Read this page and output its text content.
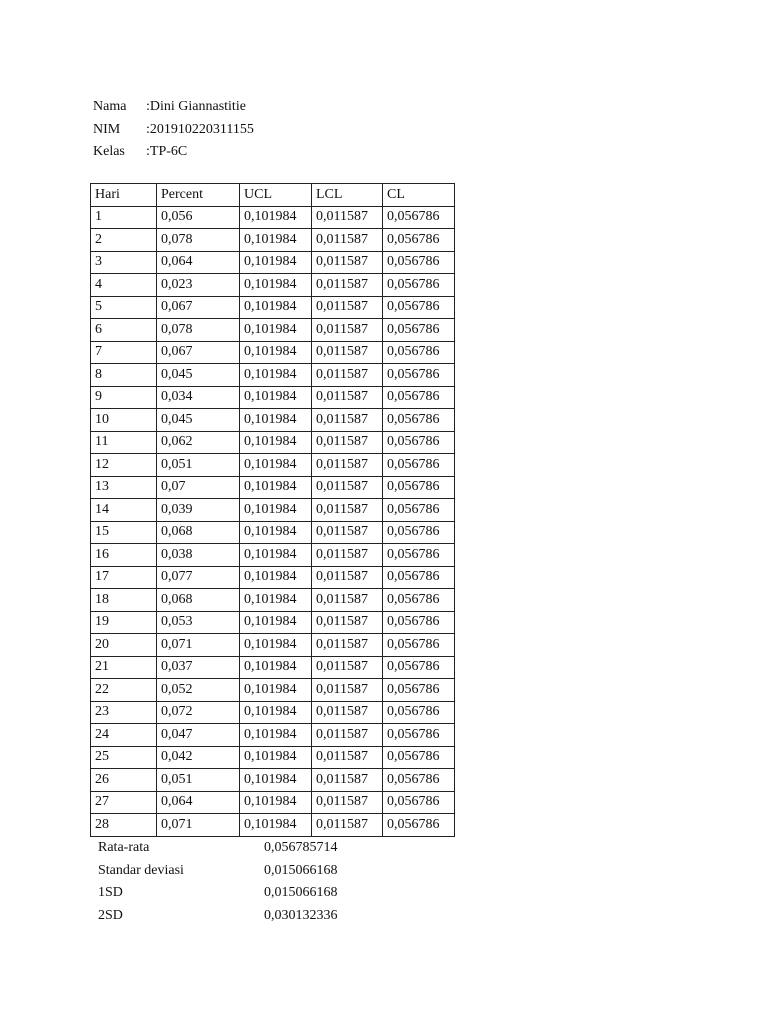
Nama	:Dini Giannastitie
NIM	:201910220311155
Kelas	:TP-6C
Hari	Percent	UCL	LCL	CL
1	0,056	0,101984	0,011587	0,056786
2	0,078	0,101984	0,011587	0,056786
3	0,064	0,101984	0,011587	0,056786
4	0,023	0,101984	0,011587	0,056786
5	0,067	0,101984	0,011587	0,056786
6	0,078	0,101984	0,011587	0,056786
7	0,067	0,101984	0,011587	0,056786
8	0,045	0,101984	0,011587	0,056786
9	0,034	0,101984	0,011587	0,056786
10	0,045	0,101984	0,011587	0,056786
11	0,062	0,101984	0,011587	0,056786
12	0,051	0,101984	0,011587	0,056786
13	0,07	0,101984	0,011587	0,056786
14	0,039	0,101984	0,011587	0,056786
15	0,068	0,101984	0,011587	0,056786
16	0,038	0,101984	0,011587	0,056786
17	0,077	0,101984	0,011587	0,056786
18	0,068	0,101984	0,011587	0,056786
19	0,053	0,101984	0,011587	0,056786
20	0,071	0,101984	0,011587	0,056786
21	0,037	0,101984	0,011587	0,056786
22	0,052	0,101984	0,011587	0,056786
23	0,072	0,101984	0,011587	0,056786
24	0,047	0,101984	0,011587	0,056786
25	0,042	0,101984	0,011587	0,056786
26	0,051	0,101984	0,011587	0,056786
27	0,064	0,101984	0,011587	0,056786
28	0,071	0,101984	0,011587	0,056786
Rata-rata	0,056785714
Standar deviasi	0,015066168
1SD	0,015066168
2SD	0,030132336
